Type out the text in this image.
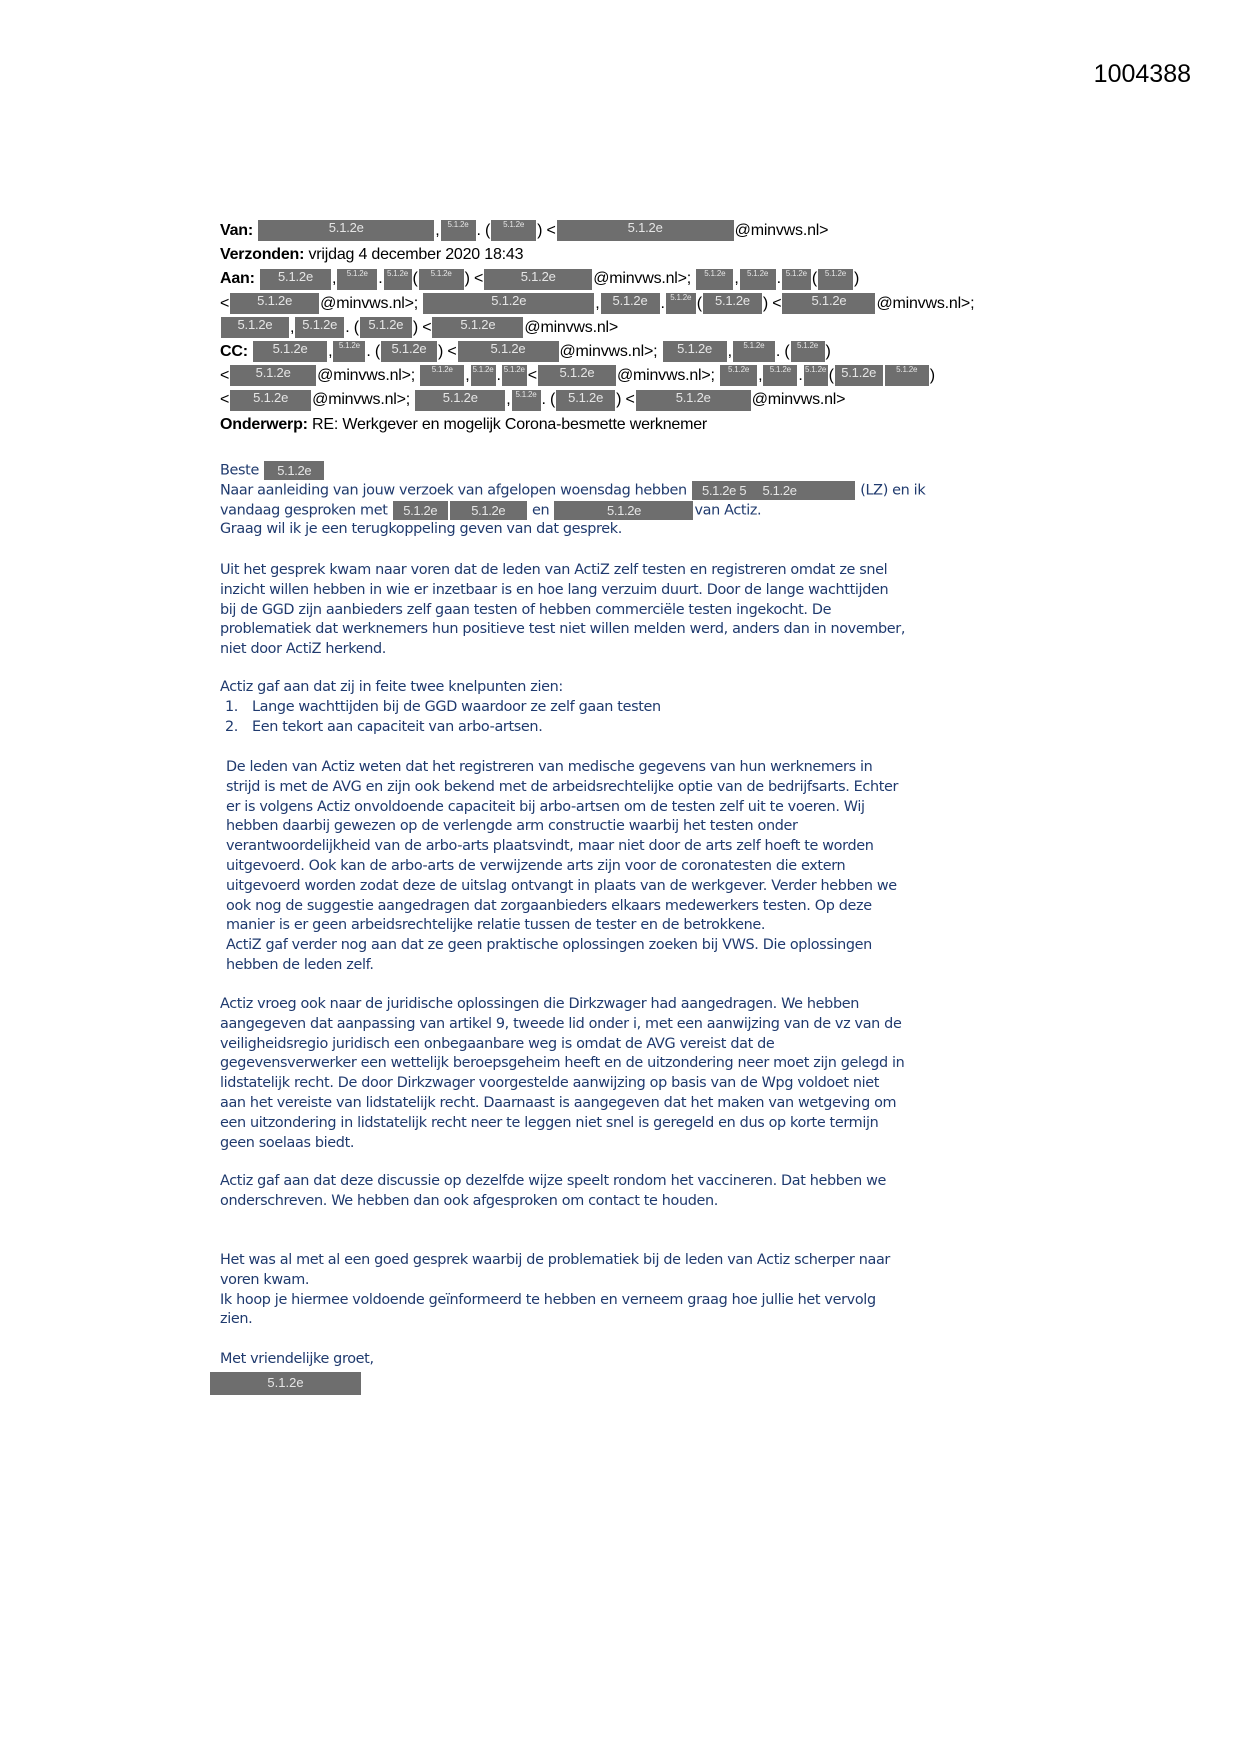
1004388
Van:	5.1.2e	, 5.1.2e . ( 5.1.2e ) <	5.1.2e	@minvws.nl>
Verzonden: vrijdag 4 december 2020 18:43
Aan: 5.1.2e , 5.1.2e . 5.1.2e ( 5.1.2e ) <	5.1.2e @minvws.nl>; 5.1.2e , 5.1.2e . 5.1.2e ( 5.1.2e )
< 5.1.2e @minvws.nl>;	5.1.2e	, 5.1.2e . 5.1.2e ( 5.1.2e ) < 5.1.2e @minvws.nl>;
5.1.2e , 5.1.2e . ( 5.1.2e ) < 5.1.2e @minvws.nl>
CC: 5.1.2e , 5.1.2e . ( 5.1.2e ) <	5.1.2e @minvws.nl>; 5.1.2e , 5.1.2e . ( 5.1.2e )
< 5.1.2e @minvws.nl>; 5.1.2e , 5.1.2e . 5.1.2e < 5.1.2e @minvws.nl>; 5.1.2e , 5.1.2e . 5.1.2e ( 5.1.2e	5.1.2e )
< 5.1.2e @minvws.nl>; 5.1.2e , 5.1.2e . ( 5.1.2e ) <	5.1.2e	@minvws.nl>
Onderwerp: RE: Werkgever en mogelijk Corona-besmette werknemer
Beste 5.1.2e
Naar aanleiding van jouw verzoek van afgelopen woensdag hebben 5.1.2e 5 5.1.2e	(LZ) en ik
vandaag gesproken met 5.1.2e	5.1.2e en	5.1.2e	van Actiz.
Graag wil ik je een terugkoppeling geven van dat gesprek.
Uit het gesprek kwam naar voren dat de leden van ActiZ zelf testen en registreren omdat ze snel
inzicht willen hebben in wie er inzetbaar is en hoe lang verzuim duurt. Door de lange wachttijden
bij de GGD zijn aanbieders zelf gaan testen of hebben commerciële testen ingekocht. De
problematiek dat werknemers hun positieve test niet willen melden werd, anders dan in november,
niet door ActiZ herkend.
Actiz gaf aan dat zij in feite twee knelpunten zien:
1. Lange wachttijden bij de GGD waardoor ze zelf gaan testen
2. Een tekort aan capaciteit van arbo-artsen.
De leden van Actiz weten dat het registreren van medische gegevens van hun werknemers in
strijd is met de AVG en zijn ook bekend met de arbeidsrechtelijke optie van de bedrijfsarts. Echter
er is volgens Actiz onvoldoende capaciteit bij arbo-artsen om de testen zelf uit te voeren. Wij
hebben daarbij gewezen op de verlengde arm constructie waarbij het testen onder
verantwoordelijkheid van de arbo-arts plaatsvindt, maar niet door de arts zelf hoeft te worden
uitgevoerd. Ook kan de arbo-arts de verwijzende arts zijn voor de coronatesten die extern
uitgevoerd worden zodat deze de uitslag ontvangt in plaats van de werkgever. Verder hebben we
ook nog de suggestie aangedragen dat zorgaanbieders elkaars medewerkers testen. Op deze
manier is er geen arbeidsrechtelijke relatie tussen de tester en de betrokkene.
ActiZ gaf verder nog aan dat ze geen praktische oplossingen zoeken bij VWS. Die oplossingen
hebben de leden zelf.
Actiz vroeg ook naar de juridische oplossingen die Dirkzwager had aangedragen. We hebben
aangegeven dat aanpassing van artikel 9, tweede lid onder i, met een aanwijzing van de vz van de
veiligheidsregio juridisch een onbegaanbare weg is omdat de AVG vereist dat de
gegevensverwerker een wettelijk beroepsgeheim heeft en de uitzondering neer moet zijn gelegd in
lidstatelijk recht. De door Dirkzwager voorgestelde aanwijzing op basis van de Wpg voldoet niet
aan het vereiste van lidstatelijk recht. Daarnaast is aangegeven dat het maken van wetgeving om
een uitzondering in lidstatelijk recht neer te leggen niet snel is geregeld en dus op korte termijn
geen soelaas biedt.
Actiz gaf aan dat deze discussie op dezelfde wijze speelt rondom het vaccineren. Dat hebben we
onderschreven. We hebben dan ook afgesproken om contact te houden.
Het was al met al een goed gesprek waarbij de problematiek bij de leden van Actiz scherper naar
voren kwam.
Ik hoop je hiermee voldoende geïnformeerd te hebben en verneem graag hoe jullie het vervolg
zien.
Met vriendelijke groet,
5.1.2e
